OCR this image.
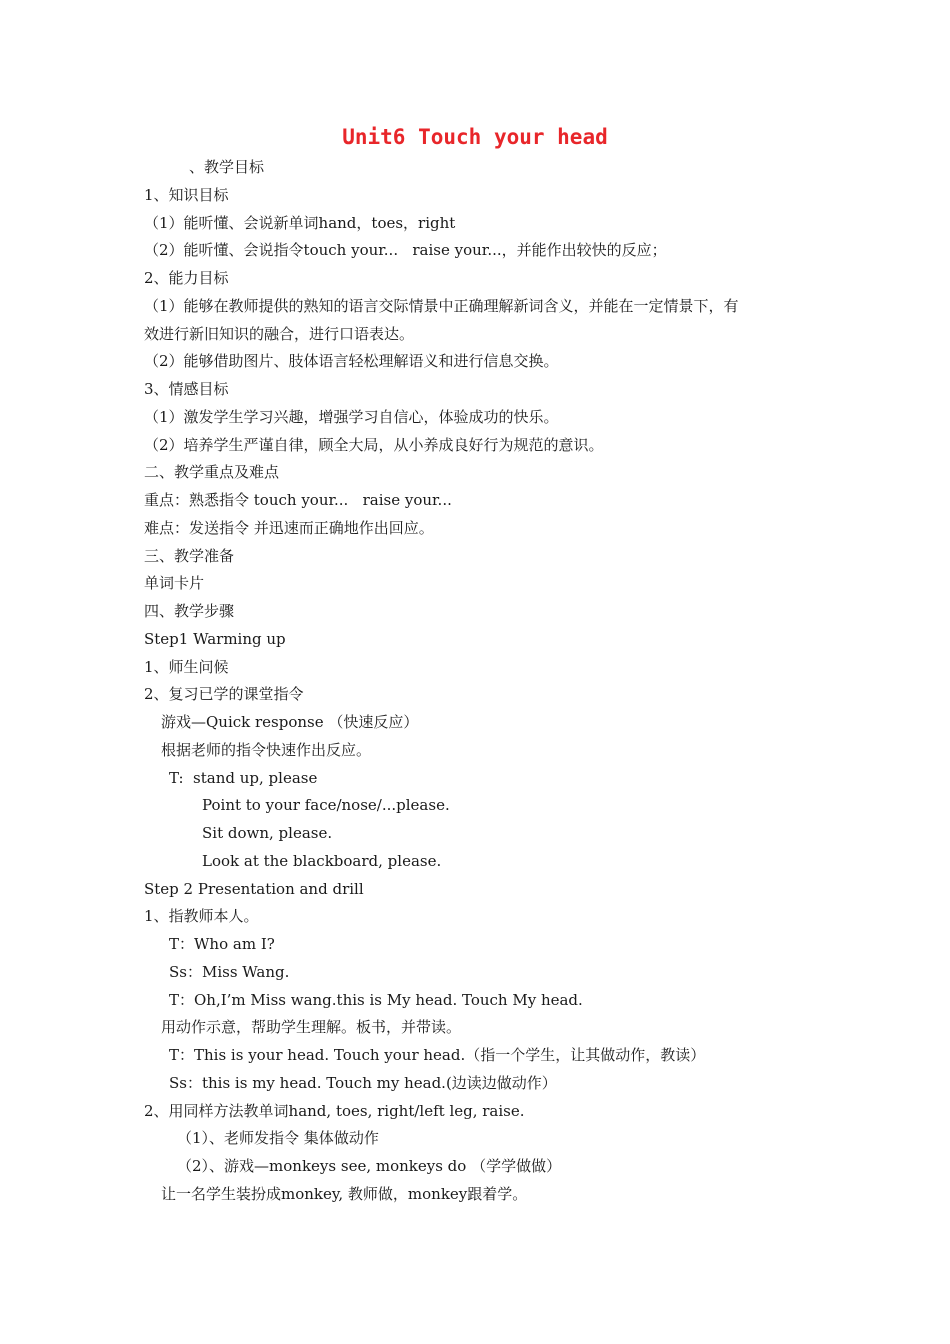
Unit6 Touch your head
、教学目标
1、知识目标
（1）能听懂、会说新单词hand，toes，right
（2）能听懂、会说指令touch your...   raise your...，并能作出较快的反应；
2、能力目标
（1）能够在教师提供的熟知的语言交际情景中正确理解新词含义，并能在一定情景下，有
效进行新旧知识的融合，进行口语表达。
（2）能够借助图片、肢体语言轻松理解语义和进行信息交换。
3、情感目标
（1）激发学生学习兴趣，增强学习自信心，体验成功的快乐。
（2）培养学生严谨自律，顾全大局，从小养成良好行为规范的意识。
二、教学重点及难点
重点：熟悉指令 touch your...   raise your...
难点：发送指令 并迅速而正确地作出回应。
三、教学准备
单词卡片
四、教学步骤
Step1 Warming up
1、师生问候
2、复习已学的课堂指令
游戏—Quick response （快速反应）
根据老师的指令快速作出反应。
T:  stand up, please
Point to your face/nose/...please.
Sit down, please.
Look at the blackboard, please.
Step 2 Presentation and drill
1、指教师本人。
T：Who am I?
Ss：Miss Wang.
T：Oh,I’m Miss wang.this is My head. Touch My head.
用动作示意，帮助学生理解。板书，并带读。
T：This is your head. Touch your head.（指一个学生，让其做动作，教读）
Ss：this is my head. Touch my head.(边读边做动作）
2、用同样方法教单词hand, toes, right/left leg, raise.
（1）、老师发指令 集体做动作
（2）、游戏—monkeys see, monkeys do （学学做做）
让一名学生装扮成monkey, 教师做，monkey跟着学。
